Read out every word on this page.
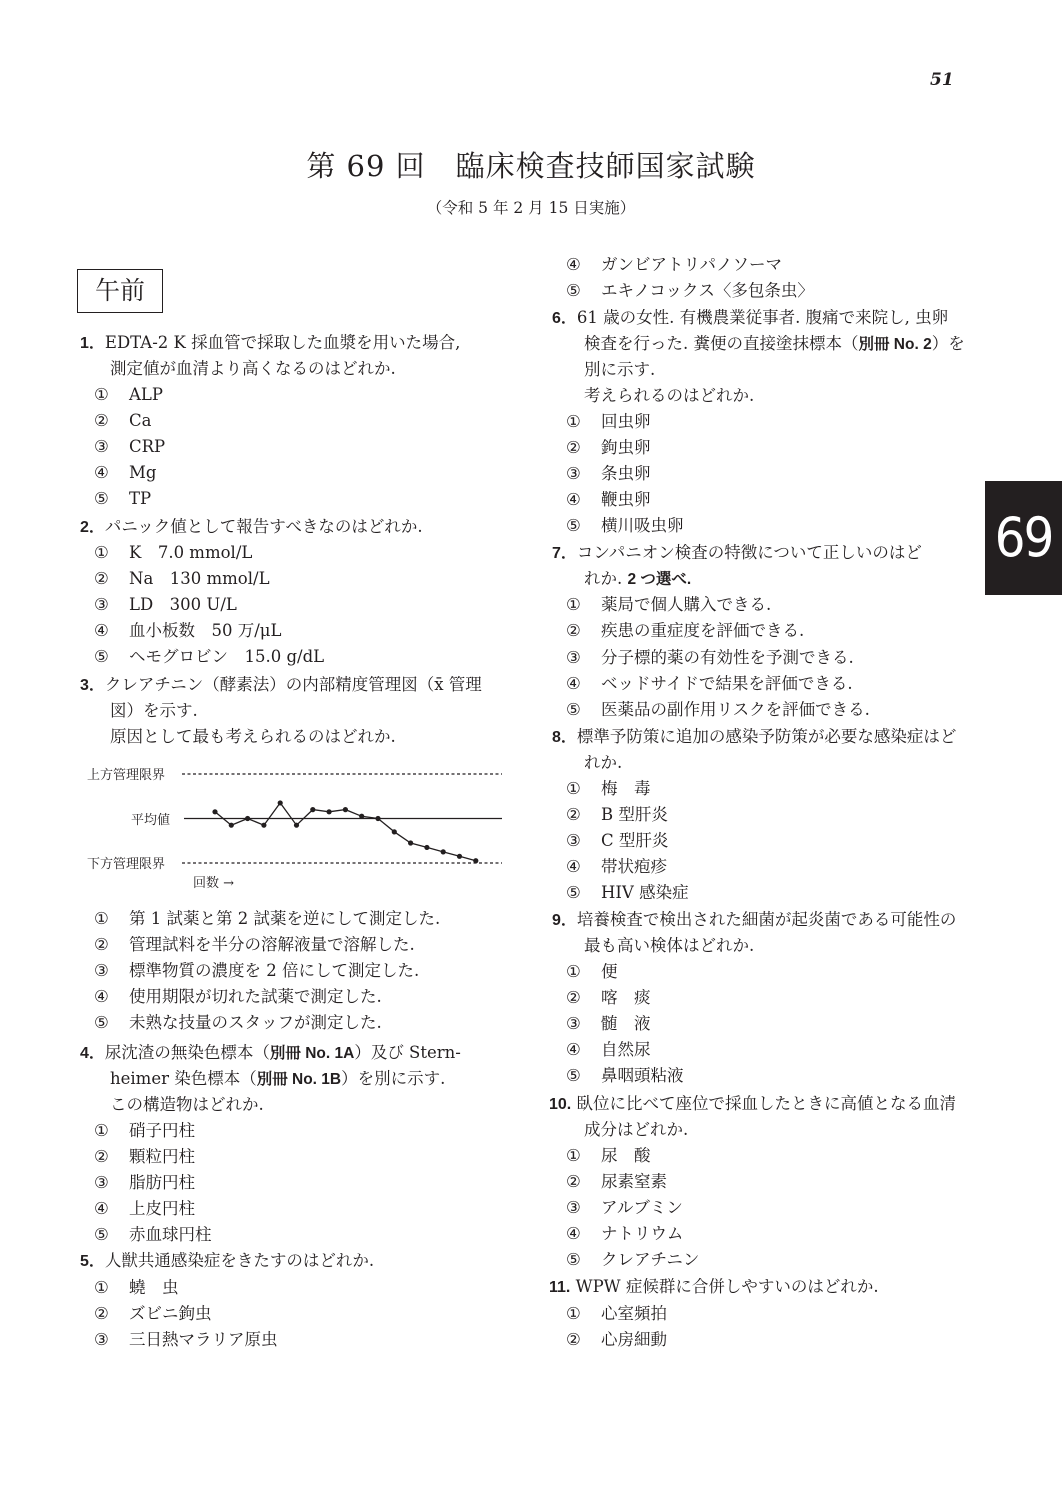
51
第 69 回　臨床検査技師国家試験
（令和 5 年 2 月 15 日実施）
午前
69
1．EDTA-2 K 採血管で採取した血漿を用いた場合,
測定値が血清より高くなるのはどれか.
① ALP
② Ca
③ CRP
④ Mg
⑤ TP
2．パニック値として報告すべきなのはどれか.
① K　7.0 mmol/L
② Na　130 mmol/L
③ LD　300 U/L
④ 血小板数　50 万/μL
⑤ ヘモグロビン　15.0 g/dL
3．クレアチニン（酵素法）の内部精度管理図（x̄ 管理
図）を示す.
原因として最も考えられるのはどれか.
上方管理限界
平均値
下方管理限界
回数 →
① 第 1 試薬と第 2 試薬を逆にして測定した.
② 管理試料を半分の溶解液量で溶解した.
③ 標準物質の濃度を 2 倍にして測定した.
④ 使用期限が切れた試薬で測定した.
⑤ 未熟な技量のスタッフが測定した.
4．尿沈渣の無染色標本（別冊 No. 1A）及び Stern-
heimer 染色標本（別冊 No. 1B）を別に示す.
この構造物はどれか.
① 硝子円柱
② 顆粒円柱
③ 脂肪円柱
④ 上皮円柱
⑤ 赤血球円柱
5．人獣共通感染症をきたすのはどれか.
① 蟯　虫
② ズビニ鉤虫
③ 三日熱マラリア原虫
④ ガンビアトリパノソーマ
⑤ エキノコックス〈多包条虫〉
6．61 歳の女性. 有機農業従事者. 腹痛で来院し, 虫卵
検査を行った. 糞便の直接塗抹標本（別冊 No. 2）を
別に示す.
考えられるのはどれか.
① 回虫卵
② 鉤虫卵
③ 条虫卵
④ 鞭虫卵
⑤ 横川吸虫卵
7．コンパニオン検査の特徴について正しいのはど
れか. 2 つ選べ.
① 薬局で個人購入できる.
② 疾患の重症度を評価できる.
③ 分子標的薬の有効性を予測できる.
④ ベッドサイドで結果を評価できる.
⑤ 医薬品の副作用リスクを評価できる.
8．標準予防策に追加の感染予防策が必要な感染症はど
れか.
① 梅　毒
② B 型肝炎
③ C 型肝炎
④ 帯状疱疹
⑤ HIV 感染症
9．培養検査で検出された細菌が起炎菌である可能性の
最も高い検体はどれか.
① 便
② 喀　痰
③ 髄　液
④ 自然尿
⑤ 鼻咽頭粘液
10. 臥位に比べて座位で採血したときに高値となる血清
成分はどれか.
① 尿　酸
② 尿素窒素
③ アルブミン
④ ナトリウム
⑤ クレアチニン
11. WPW 症候群に合併しやすいのはどれか.
① 心室頻拍
② 心房細動
